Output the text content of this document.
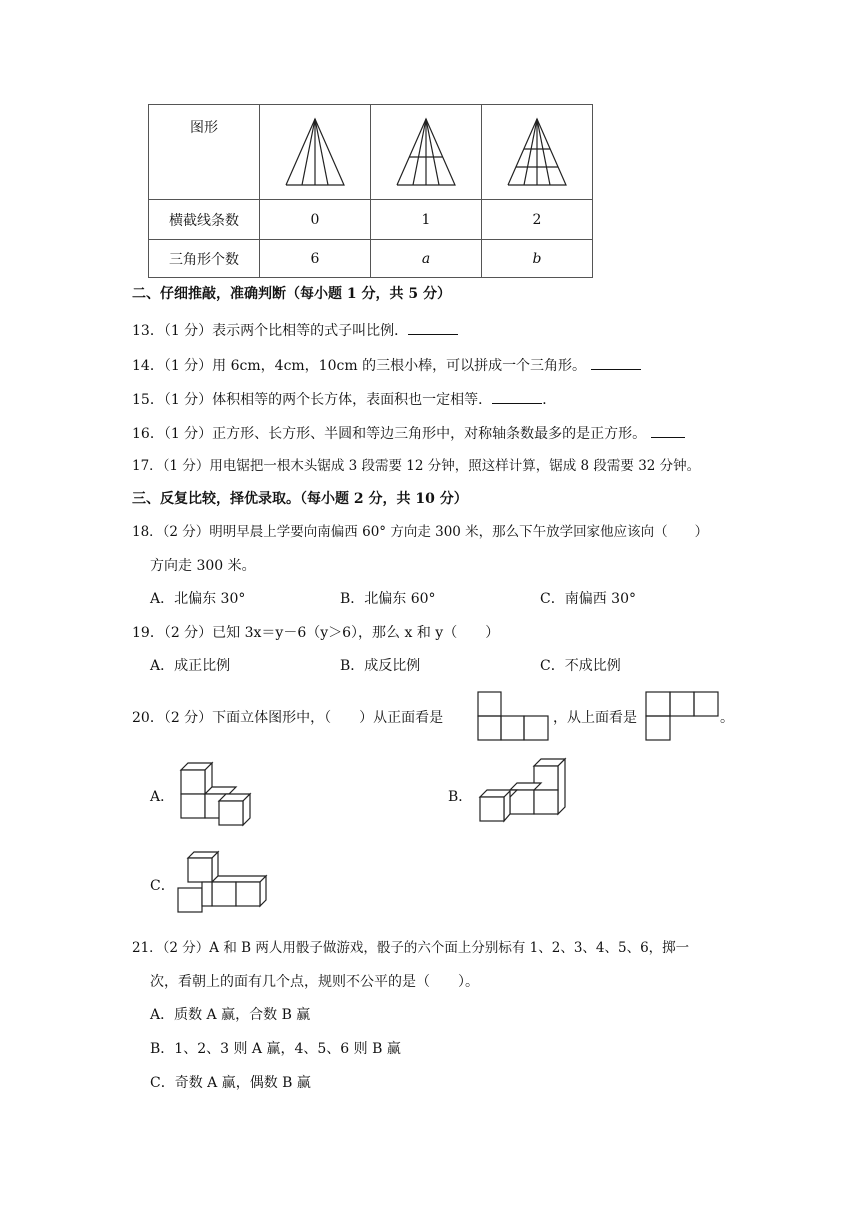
图形	

横截线条数	0	1	2
三角形个数	6	a	b
二、仔细推敲，准确判断（每小题 1 分，共 5 分）
13．（1 分）表示两个比相等的式子叫比例．
14．（1 分）用 6cm，4cm，10cm 的三根小棒，可以拼成一个三角形。
15．（1 分）体积相等的两个长方体，表面积也一定相等．	．
16．（1 分）正方形、长方形、半圆和等边三角形中，对称轴条数最多的是正方形。
17．（1 分）用电锯把一根木头锯成 3 段需要 12 分钟，照这样计算，锯成 8 段需要 32 分钟。
三、反复比较，择优录取。（每小题 2 分，共 10 分）
18．（2 分）明明早晨上学要向南偏西 60° 方向走 300 米，那么下午放学回家他应该向（　　）
方向走 300 米。
A．北偏东 30°	B．北偏东 60°	C．南偏西 30°
19．（2 分）已知 3x＝y－6（y＞6），那么 x 和 y（　　）
A．成正比例	B．成反比例	C．不成比例
20．（2 分）下面立体图形中，（　　）从正面看是	，从上面看是	。
A．	B．
C．
21．（2 分）A 和 B 两人用骰子做游戏，骰子的六个面上分别标有 1、2、3、4、5、6，掷一
次，看朝上的面有几个点，规则不公平的是（　　）。
A．质数 A 赢，合数 B 赢
B．1、2、3 则 A 赢，4、5、6 则 B 赢
C．奇数 A 赢，偶数 B 赢
